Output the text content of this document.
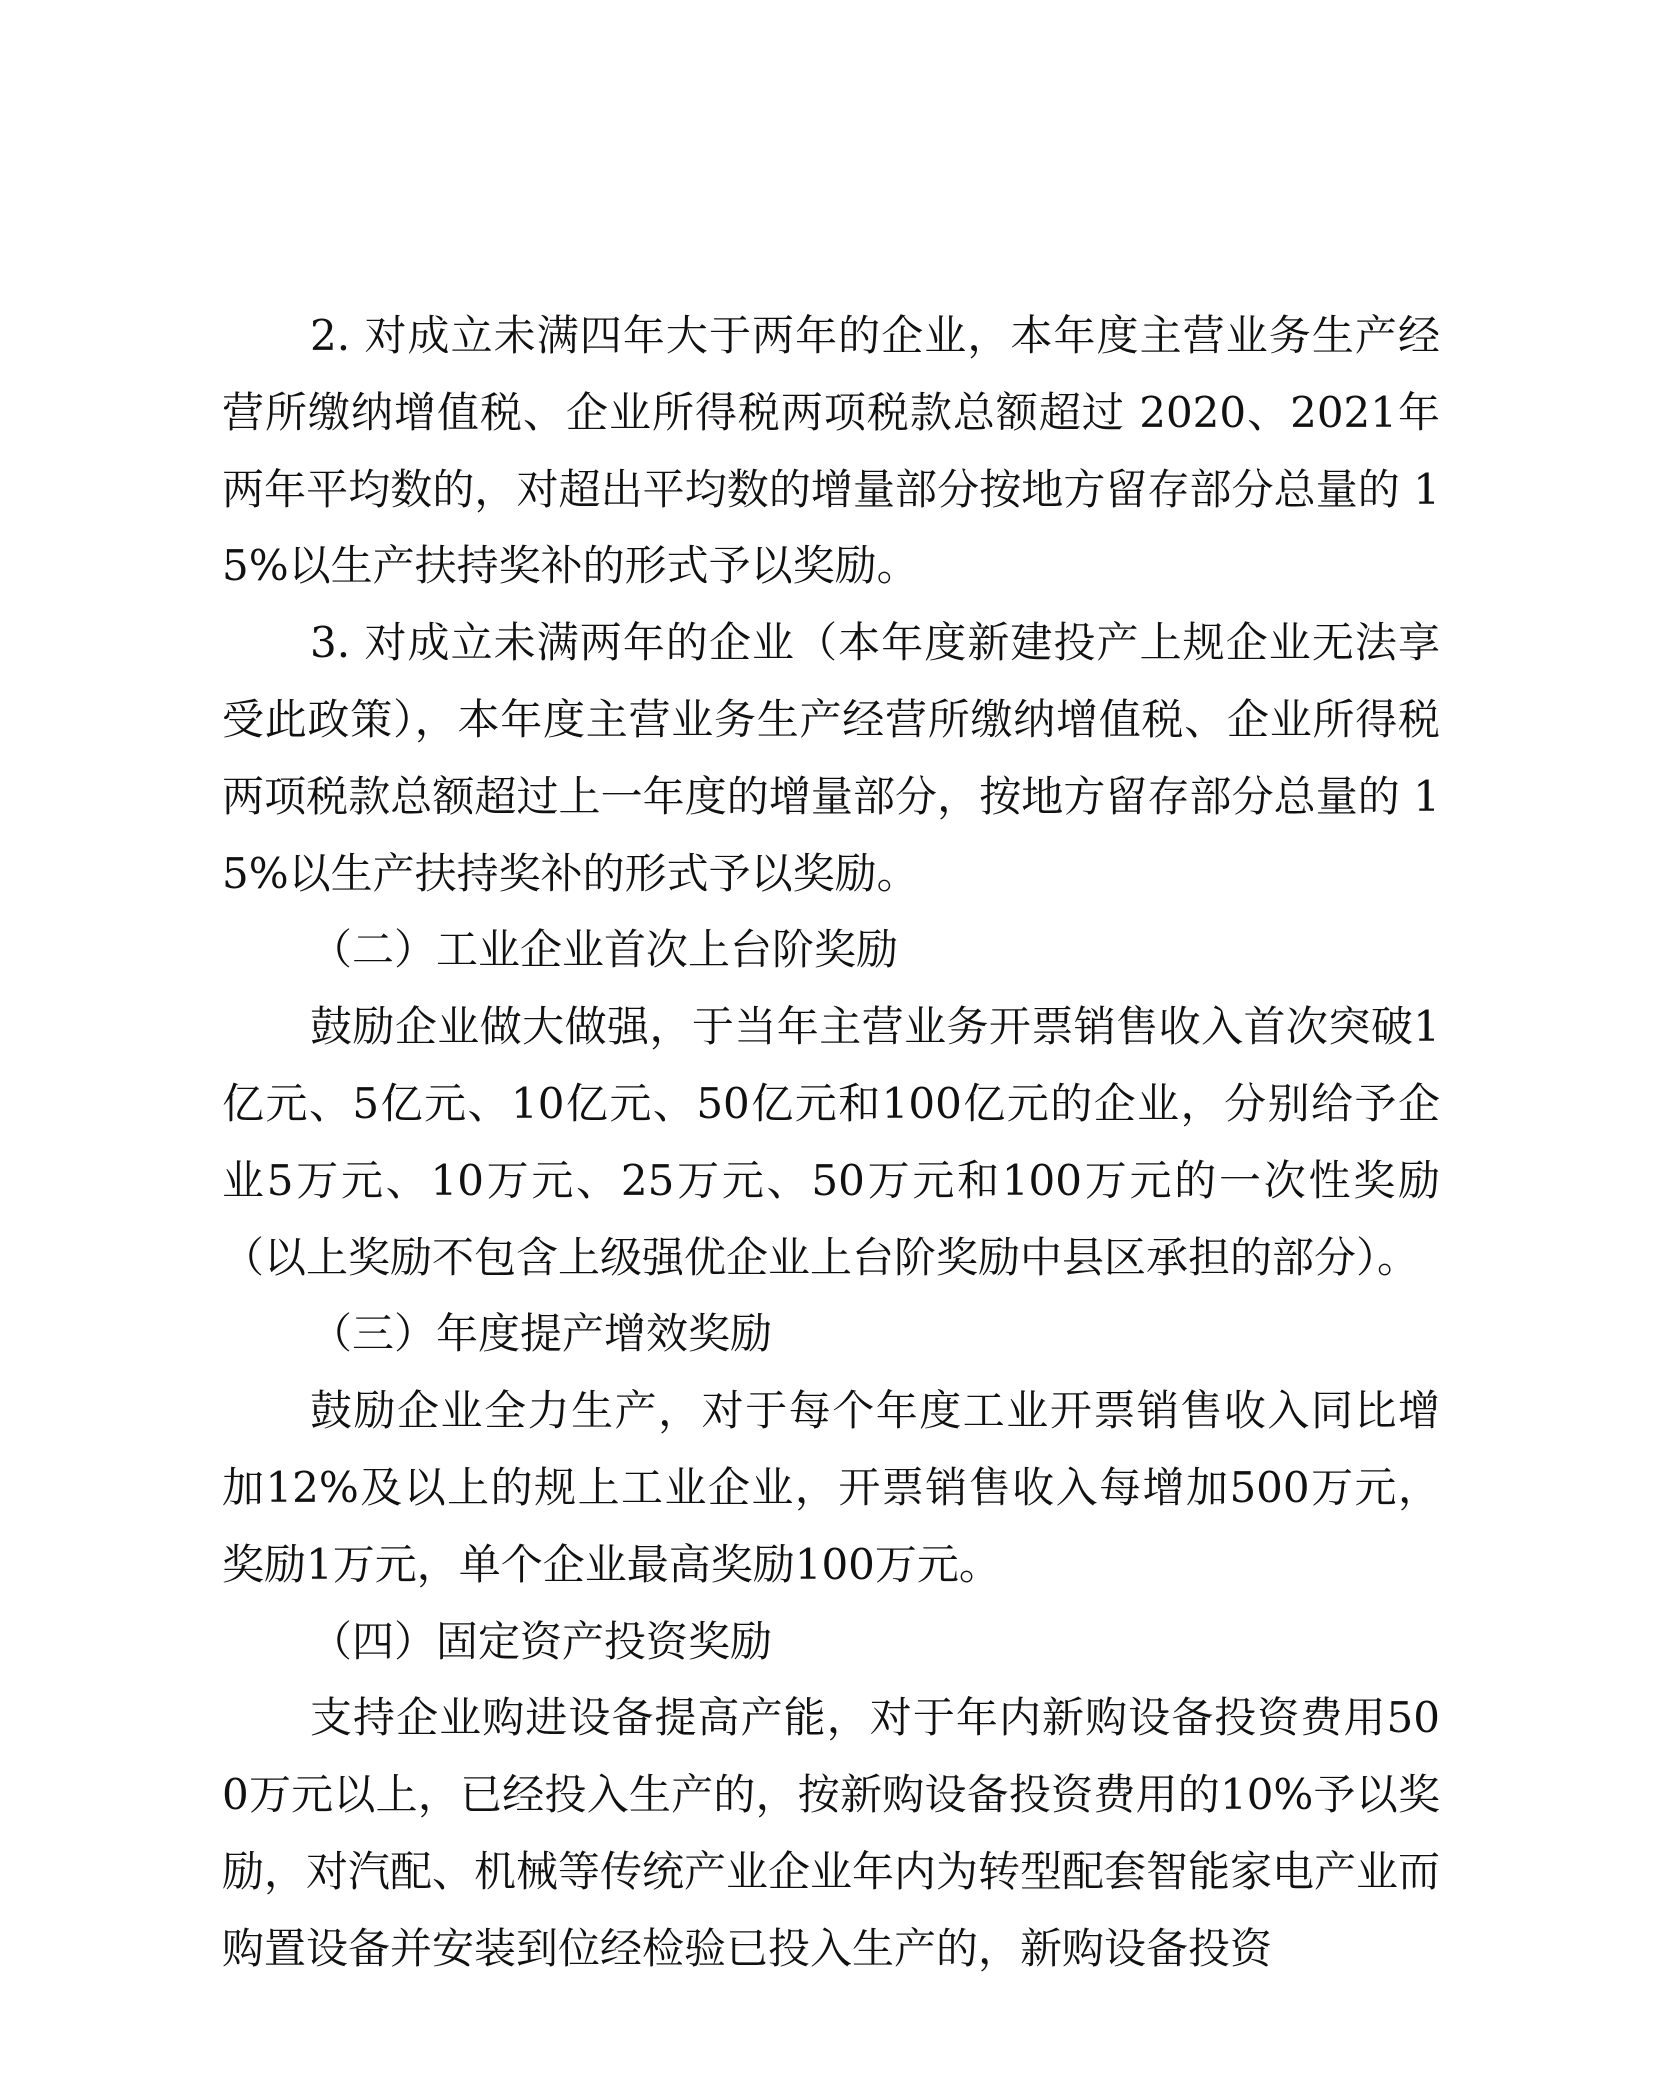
2. 对成立未满四年大于两年的企业，本年度主营业务生产经营所缴纳增值税、企业所得税两项税款总额超过 2020、2021年两年平均数的，对超出平均数的增量部分按地方留存部分总量的 15%以生产扶持奖补的形式予以奖励。

3. 对成立未满两年的企业（本年度新建投产上规企业无法享受此政策），本年度主营业务生产经营所缴纳增值税、企业所得税两项税款总额超过上一年度的增量部分，按地方留存部分总量的 15%以生产扶持奖补的形式予以奖励。

（二）工业企业首次上台阶奖励

鼓励企业做大做强，于当年主营业务开票销售收入首次突破1亿元、5亿元、10亿元、50亿元和100亿元的企业，分别给予企业5万元、10万元、25万元、50万元和100万元的一次性奖励（以上奖励不包含上级强优企业上台阶奖励中县区承担的部分）。

（三）年度提产增效奖励

鼓励企业全力生产，对于每个年度工业开票销售收入同比增加12%及以上的规上工业企业，开票销售收入每增加500万元，奖励1万元，单个企业最高奖励100万元。

（四）固定资产投资奖励

支持企业购进设备提高产能，对于年内新购设备投资费用500万元以上，已经投入生产的，按新购设备投资费用的10%予以奖励，对汽配、机械等传统产业企业年内为转型配套智能家电产业而购置设备并安装到位经检验已投入生产的，新购设备投资
